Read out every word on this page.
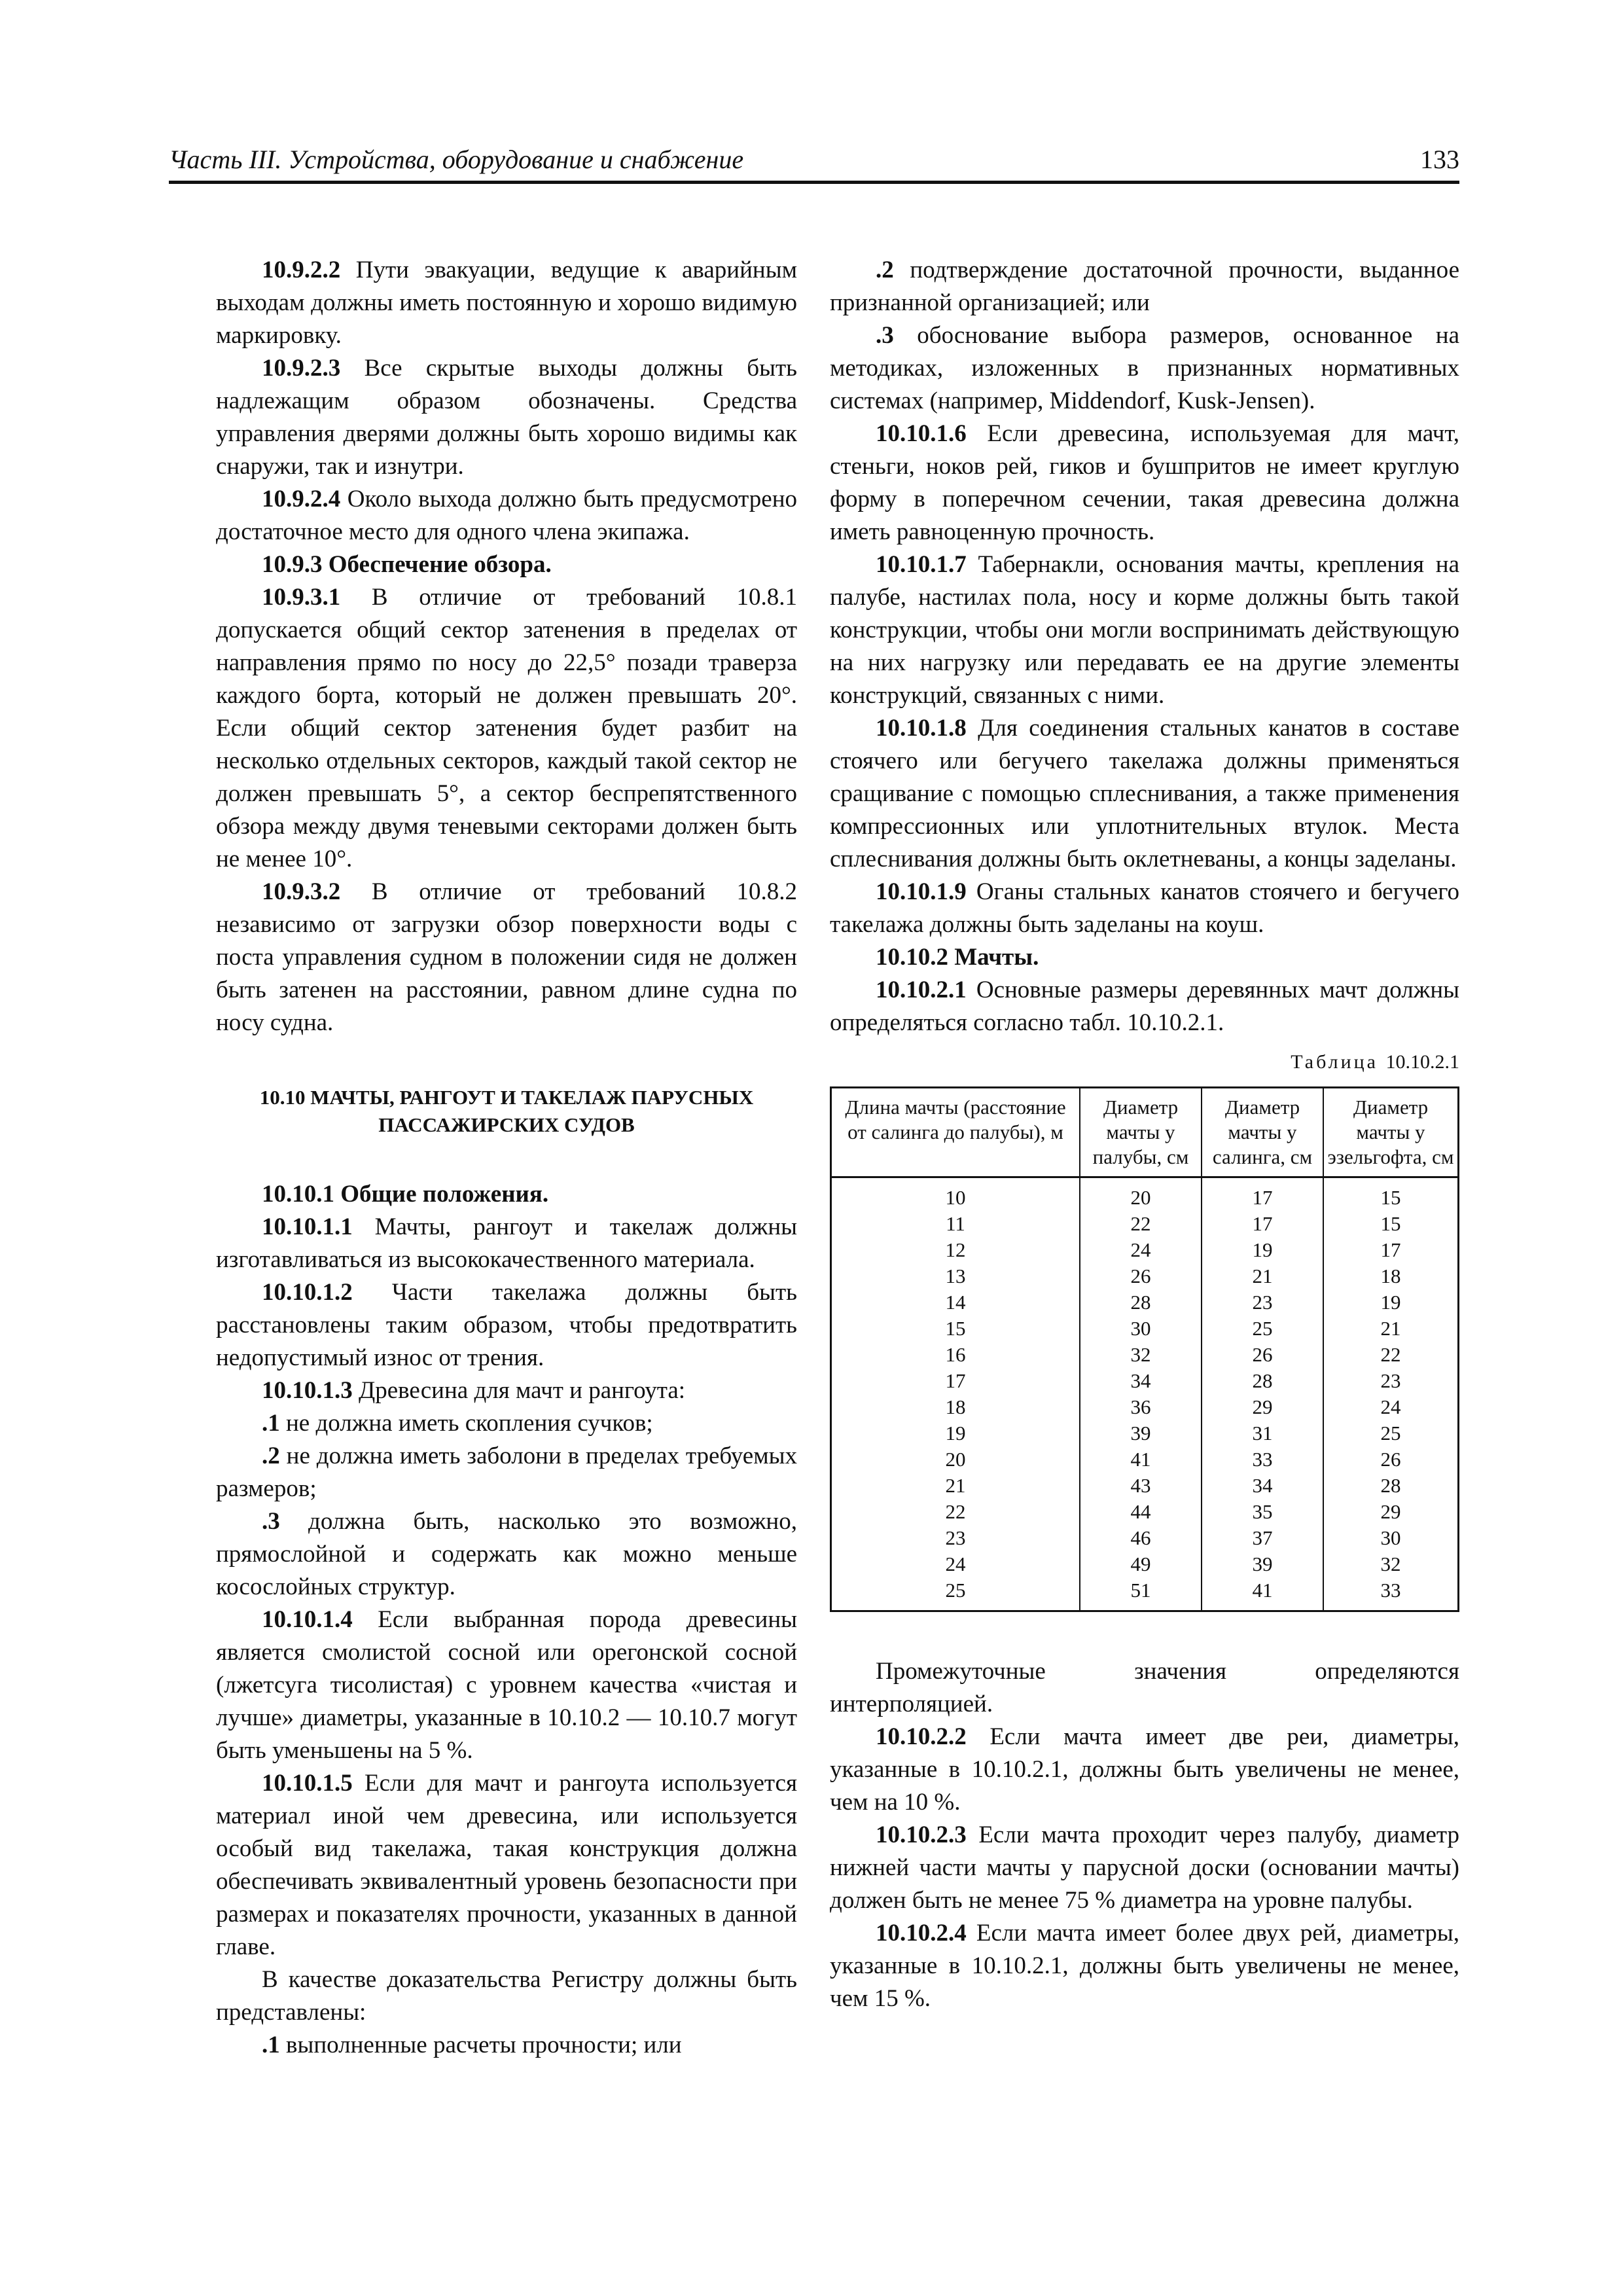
Часть III. Устройства, оборудование и снабжение	133

10.9.2.2 Пути эвакуации, ведущие к аварийным выходам должны иметь постоянную и хорошо видимую маркировку.

10.9.2.3 Все скрытые выходы должны быть надлежащим образом обозначены. Средства управления дверями должны быть хорошо видимы как снаружи, так и изнутри.

10.9.2.4 Около выхода должно быть предусмотрено достаточное место для одного члена экипажа.

10.9.3 Обеспечение обзора.

10.9.3.1 В отличие от требований 10.8.1 допускается общий сектор затенения в пределах от направления прямо по носу до 22,5° позади траверза каждого борта, который не должен превышать 20°. Если общий сектор затенения будет разбит на несколько отдельных секторов, каждый такой сектор не должен превышать 5°, а сектор беспрепятственного обзора между двумя теневыми секторами должен быть не менее 10°.

10.9.3.2 В отличие от требований 10.8.2 независимо от загрузки обзор поверхности воды с поста управления судном в положении сидя не должен быть затенен на расстоянии, равном длине судна по носу судна.

10.10 МАЧТЫ, РАНГОУТ И ТАКЕЛАЖ ПАРУСНЫХ ПАССАЖИРСКИХ СУДОВ

10.10.1 Общие положения.

10.10.1.1 Мачты, рангоут и такелаж должны изготавливаться из высококачественного материала.

10.10.1.2 Части такелажа должны быть расстановлены таким образом, чтобы предотвратить недопустимый износ от трения.

10.10.1.3 Древесина для мачт и рангоута:

.1 не должна иметь скопления сучков;

.2 не должна иметь заболони в пределах требуемых размеров;

.3 должна быть, насколько это возможно, прямослойной и содержать как можно меньше косослойных структур.

10.10.1.4 Если выбранная порода древесины является смолистой сосной или орегонской сосной (лжетсуга тисолистая) с уровнем качества «чистая и лучше» диаметры, указанные в 10.10.2 — 10.10.7 могут быть уменьшены на 5 %.

10.10.1.5 Если для мачт и рангоута используется материал иной чем древесина, или используется особый вид такелажа, такая конструкция должна обеспечивать эквивалентный уровень безопасности при размерах и показателях прочности, указанных в данной главе.

В качестве доказательства Регистру должны быть представлены:

.1 выполненные расчеты прочности; или

.2 подтверждение достаточной прочности, выданное признанной организацией; или

.3 обоснование выбора размеров, основанное на методиках, изложенных в признанных нормативных системах (например, Middendorf, Kusk-Jensen).

10.10.1.6 Если древесина, используемая для мачт, стеньги, ноков рей, гиков и бушпритов не имеет круглую форму в поперечном сечении, такая древесина должна иметь равноценную прочность.

10.10.1.7 Табернакли, основания мачты, крепления на палубе, настилах пола, носу и корме должны быть такой конструкции, чтобы они могли воспринимать действующую на них нагрузку или передавать ее на другие элементы конструкций, связанных с ними.

10.10.1.8 Для соединения стальных канатов в составе стоячего или бегучего такелажа должны применяться сращивание с помощью сплеснивания, а также применения компрессионных или уплотнительных втулок. Места сплеснивания должны быть оклетневаны, а концы заделаны.

10.10.1.9 Оганы стальных канатов стоячего и бегучего такелажа должны быть заделаны на коуш.

10.10.2 Мачты.

10.10.2.1 Основные размеры деревянных мачт должны определяться согласно табл. 10.10.2.1.

Таблица 10.10.2.1
Длина мачты (расстояние от салинга до палубы), м	Диаметр мачты у палубы, см	Диаметр мачты у салинга, см	Диаметр мачты у эзельгофта, см
10	20	17	15
11	22	17	15
12	24	19	17
13	26	21	18
14	28	23	19
15	30	25	21
16	32	26	22
17	34	28	23
18	36	29	24
19	39	31	25
20	41	33	26
21	43	34	28
22	44	35	29
23	46	37	30
24	49	39	32
25	51	41	33

Промежуточные значения определяются интерполяцией.

10.10.2.2 Если мачта имеет две реи, диаметры, указанные в 10.10.2.1, должны быть увеличены не менее, чем на 10 %.

10.10.2.3 Если мачта проходит через палубу, диаметр нижней части мачты у парусной доски (основании мачты) должен быть не менее 75 % диаметра на уровне палубы.

10.10.2.4 Если мачта имеет более двух рей, диаметры, указанные в 10.10.2.1, должны быть увеличены не менее, чем 15 %.
